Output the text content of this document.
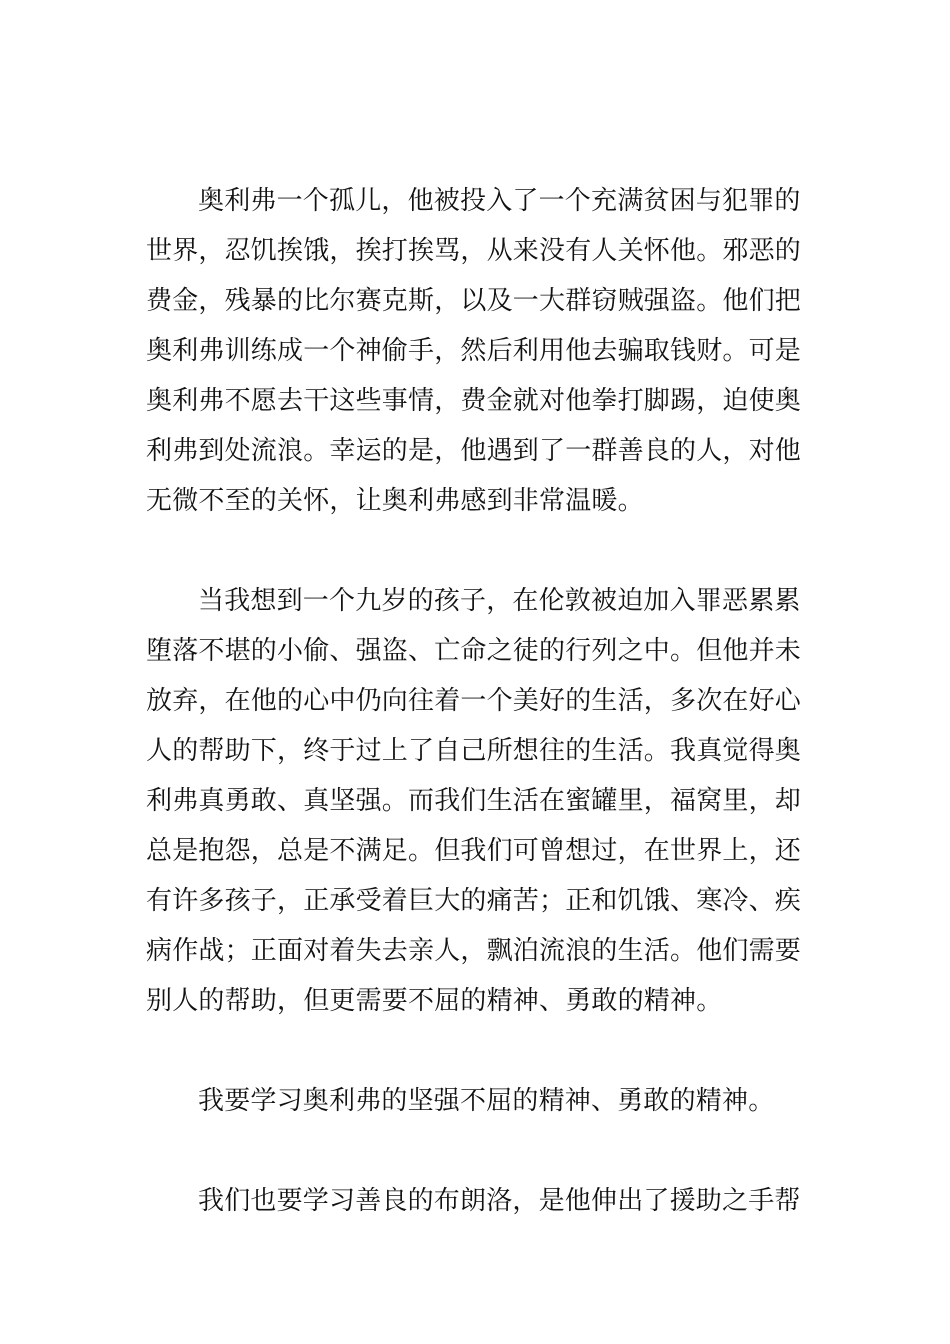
奥利弗一个孤儿，他被投入了一个充满贫困与犯罪的
世界，忍饥挨饿，挨打挨骂，从来没有人关怀他。邪恶的
费金，残暴的比尔赛克斯，以及一大群窃贼强盗。他们把
奥利弗训练成一个神偷手，然后利用他去骗取钱财。可是
奥利弗不愿去干这些事情，费金就对他拳打脚踢，迫使奥
利弗到处流浪。幸运的是，他遇到了一群善良的人，对他
无微不至的关怀，让奥利弗感到非常温暖。
当我想到一个九岁的孩子，在伦敦被迫加入罪恶累累
堕落不堪的小偷、强盗、亡命之徒的行列之中。但他并未
放弃，在他的心中仍向往着一个美好的生活，多次在好心
人的帮助下，终于过上了自己所想往的生活。我真觉得奥
利弗真勇敢、真坚强。而我们生活在蜜罐里，福窝里，却
总是抱怨，总是不满足。但我们可曾想过，在世界上，还
有许多孩子，正承受着巨大的痛苦；正和饥饿、寒冷、疾
病作战；正面对着失去亲人，飘泊流浪的生活。他们需要
别人的帮助，但更需要不屈的精神、勇敢的精神。
我要学习奥利弗的坚强不屈的精神、勇敢的精神。
我们也要学习善良的布朗洛，是他伸出了援助之手帮
